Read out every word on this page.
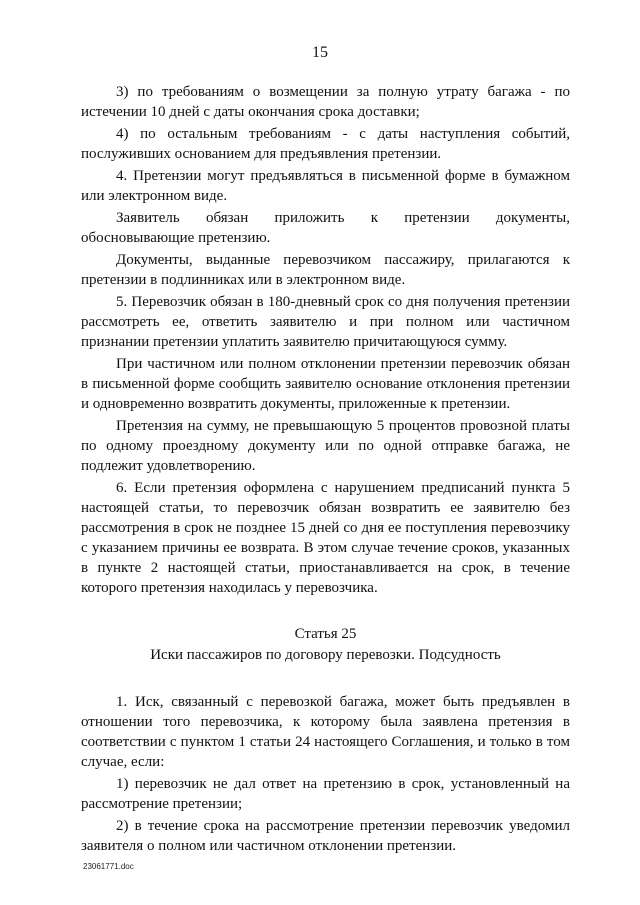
15

3) по требованиям о возмещении за полную утрату багажа - по истечении 10 дней с даты окончания срока доставки;

4) по остальным требованиям - с даты наступления событий, послуживших основанием для предъявления претензии.

4. Претензии могут предъявляться в письменной форме в бумажном или электронном виде.

Заявитель обязан приложить к претензии документы, обосновывающие претензию.

Документы, выданные перевозчиком пассажиру, прилагаются к претензии в подлинниках или в электронном виде.

5. Перевозчик обязан в 180-дневный срок со дня получения претензии рассмотреть ее, ответить заявителю и при полном или частичном признании претензии уплатить заявителю причитающуюся сумму.

При частичном или полном отклонении претензии перевозчик обязан в письменной форме сообщить заявителю основание отклонения претензии и одновременно возвратить документы, приложенные к претензии.

Претензия на сумму, не превышающую 5 процентов провозной платы по одному проездному документу или по одной отправке багажа, не подлежит удовлетворению.

6. Если претензия оформлена с нарушением предписаний пункта 5 настоящей статьи, то перевозчик обязан возвратить ее заявителю без рассмотрения в срок не позднее 15 дней со дня ее поступления перевозчику с указанием причины ее возврата. В этом случае течение сроков, указанных в пункте 2 настоящей статьи, приостанавливается на срок, в течение которого претензия находилась у перевозчика.

Статья 25

Иски пассажиров по договору перевозки. Подсудность

1. Иск, связанный с перевозкой багажа, может быть предъявлен в отношении того перевозчика, к которому была заявлена претензия в соответствии с пунктом 1 статьи 24 настоящего Соглашения, и только в том случае, если:

1) перевозчик не дал ответ на претензию в срок, установленный на рассмотрение претензии;

2) в течение срока на рассмотрение претензии перевозчик уведомил заявителя о полном или частичном отклонении претензии.

23061771.doc
